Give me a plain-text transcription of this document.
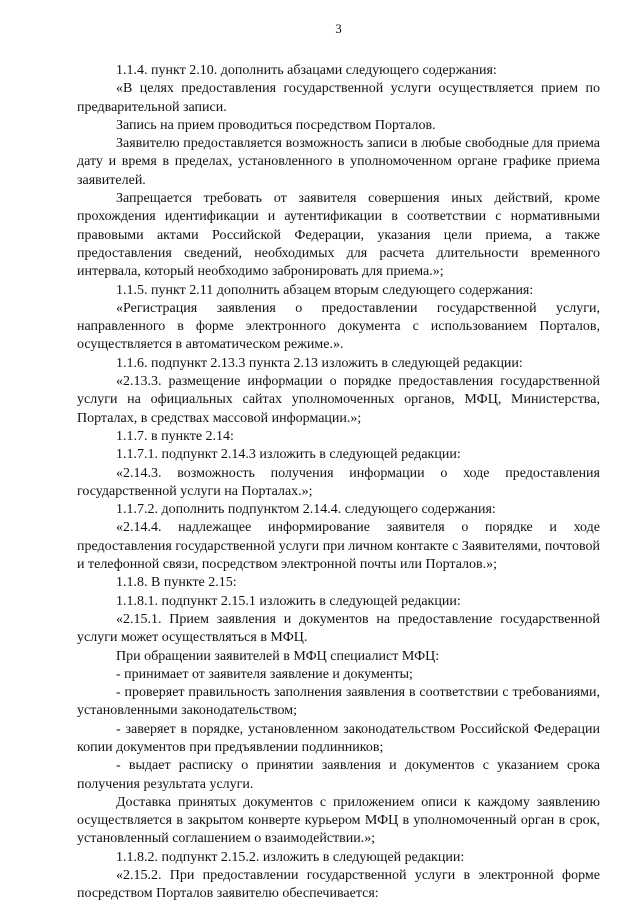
3

1.1.4. пункт 2.10. дополнить абзацами следующего содержания:

«В целях предоставления государственной услуги осуществляется прием по предварительной записи.

Запись на прием проводиться посредством Порталов.

Заявителю предоставляется возможность записи в любые свободные для приема дату и время в пределах, установленного в уполномоченном органе графике приема заявителей.

Запрещается требовать от заявителя совершения иных действий, кроме прохождения идентификации и аутентификации в соответствии с нормативными правовыми актами Российской Федерации, указания цели приема, а также предоставления сведений, необходимых для расчета длительности временного интервала, который необходимо забронировать для приема.»;

1.1.5. пункт 2.11 дополнить абзацем вторым следующего содержания:

«Регистрация заявления о предоставлении государственной услуги, направленного в форме электронного документа с использованием Порталов, осуществляется в автоматическом режиме.».

1.1.6. подпункт 2.13.3 пункта 2.13 изложить в следующей редакции:

«2.13.3. размещение информации о порядке предоставления государственной услуги на официальных сайтах уполномоченных органов, МФЦ, Министерства, Порталах, в средствах массовой информации.»;

1.1.7. в пункте 2.14:

1.1.7.1. подпункт 2.14.3 изложить в следующей редакции:

«2.14.3. возможность получения информации о ходе предоставления государственной услуги на Порталах.»;

1.1.7.2. дополнить подпунктом 2.14.4. следующего содержания:

«2.14.4. надлежащее информирование заявителя о порядке и ходе предоставления государственной услуги при личном контакте с Заявителями, почтовой и телефонной связи, посредством электронной почты или Порталов.»;

1.1.8. В пункте 2.15:

1.1.8.1. подпункт 2.15.1 изложить в следующей редакции:

«2.15.1. Прием заявления и документов на предоставление государственной услуги может осуществляться в МФЦ.

При обращении заявителей в МФЦ специалист МФЦ:

- принимает от заявителя заявление и документы;

- проверяет правильность заполнения заявления в соответствии с требованиями, установленными законодательством;

- заверяет в порядке, установленном законодательством Российской Федерации копии документов при предъявлении подлинников;

- выдает расписку о принятии заявления и документов с указанием срока получения результата услуги.

Доставка принятых документов с приложением описи к каждому заявлению осуществляется в закрытом конверте курьером МФЦ в уполномоченный орган в срок, установленный соглашением о взаимодействии.»;

1.1.8.2. подпункт 2.15.2. изложить в следующей редакции:

«2.15.2. При предоставлении государственной услуги в электронной форме посредством Порталов заявителю обеспечивается:
